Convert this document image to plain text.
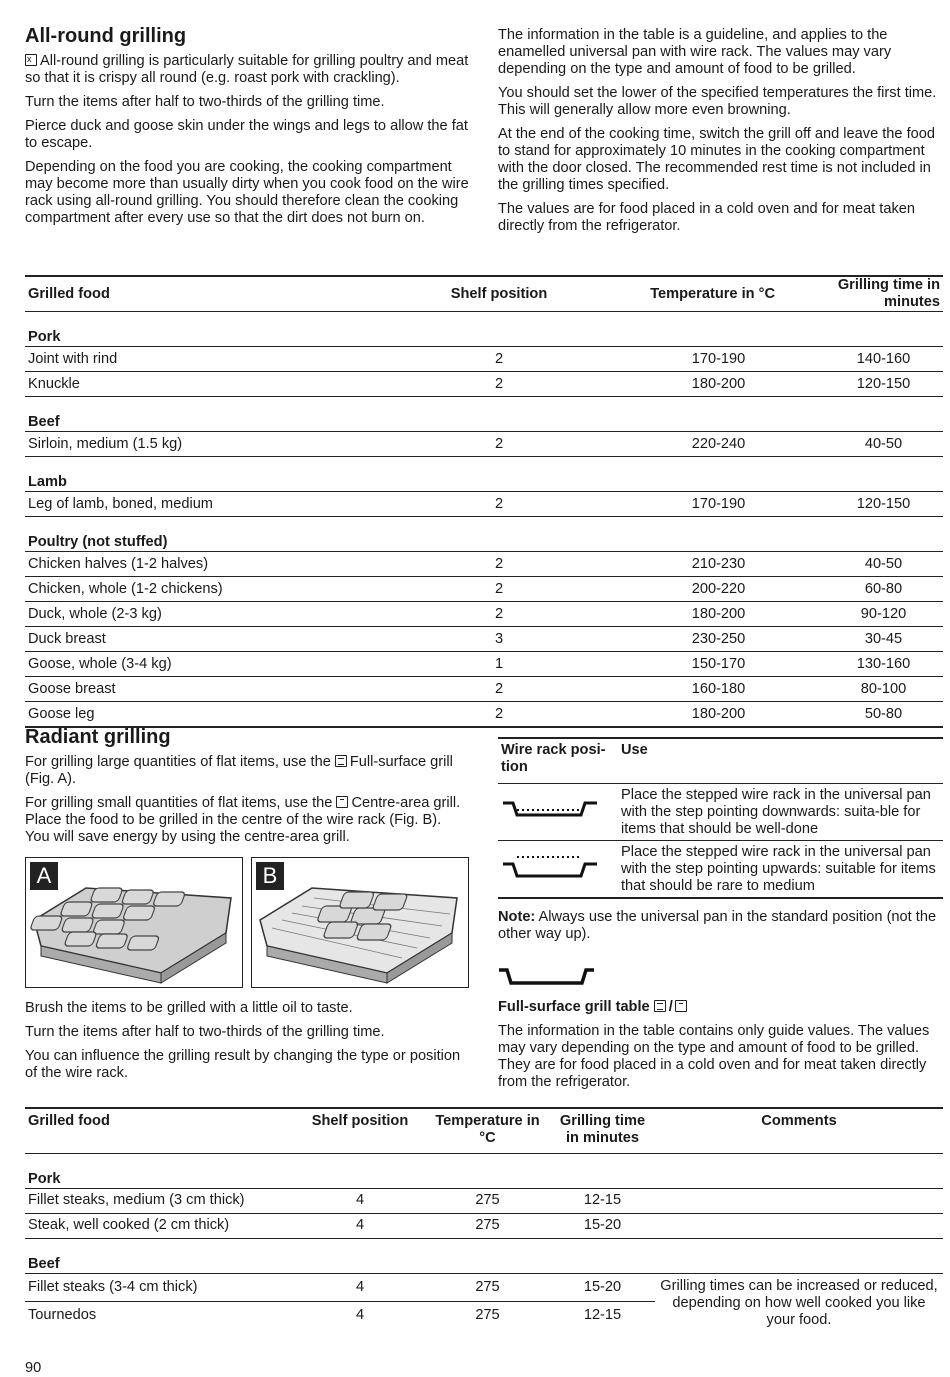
All-round grilling

xAll-round grilling is particularly suitable for grilling poultry and meat so that it is crispy all round (e.g. roast pork with crackling).

Turn the items after half to two-thirds of the grilling time.

Pierce duck and goose skin under the wings and legs to allow the fat to escape.

Depending on the food you are cooking, the cooking compartment may become more than usually dirty when you cook food on the wire rack using all-round grilling. You should therefore clean the cooking compartment after every use so that the dirt does not burn on.

The information in the table is a guideline, and applies to the enamelled universal pan with wire rack. The values may vary depending on the type and amount of food to be grilled.

You should set the lower of the specified temperatures the first time. This will generally allow more even browning.

At the end of the cooking time, switch the grill off and leave the food to stand for approximately 10 minutes in the cooking compartment with the door closed. The recommended rest time is not included in the grilling times specified.

The values are for food placed in a cold oven and for meat taken directly from the refrigerator.

Grilled food	Shelf position	Temperature in °C	Grilling time in minutes
Pork			
Joint with rind	2	170-190	140-160
Knuckle	2	180-200	120-150
Beef			
Sirloin, medium (1.5 kg)	2	220-240	40-50
Lamb			
Leg of lamb, boned, medium	2	170-190	120-150
Poultry (not stuffed)			
Chicken halves (1-2 halves)	2	210-230	40-50
Chicken, whole (1-2 chickens)	2	200-220	60-80
Duck, whole (2-3 kg)	2	180-200	90-120
Duck breast	3	230-250	30-45
Goose, whole (3-4 kg)	1	150-170	130-160
Goose breast	2	160-180	80-100
Goose leg	2	180-200	50-80
Radiant grilling

For grilling large quantities of flat items, use the Full-surface grill (Fig. A).

For grilling small quantities of flat items, use the Centre-area grill. Place the food to be grilled in the centre of the wire rack (Fig. B). You will save energy by using the centre-area grill.

A	B

Brush the items to be grilled with a little oil to taste.

Turn the items after half to two-thirds of the grilling time.

You can influence the grilling result by changing the type or position of the wire rack.

Wire rack posi-tion	Use
	Place the stepped wire rack in the universal pan with the step pointing downwards: suita-ble for items that should be well-done
	Place the stepped wire rack in the universal pan with the step pointing upwards: suitable for items that should be rare to medium

Note: Always use the universal pan in the standard position (not the other way up).

Full-surface grill table /

The information in the table contains only guide values. The values may vary depending on the type and amount of food to be grilled. They are for food placed in a cold oven and for meat taken directly from the refrigerator.

Grilled food	Shelf position	Temperature in °C	Grilling time in minutes	Comments
Pork				
Fillet steaks, medium (3 cm thick)	4	275	12-15	
Steak, well cooked (2 cm thick)	4	275	15-20	
Beef				
Fillet steaks (3-4 cm thick)	4	275	15-20	Grilling times can be increased or reduced, depending on how well cooked you like your food.
Tournedos	4	275	12-15	
90
